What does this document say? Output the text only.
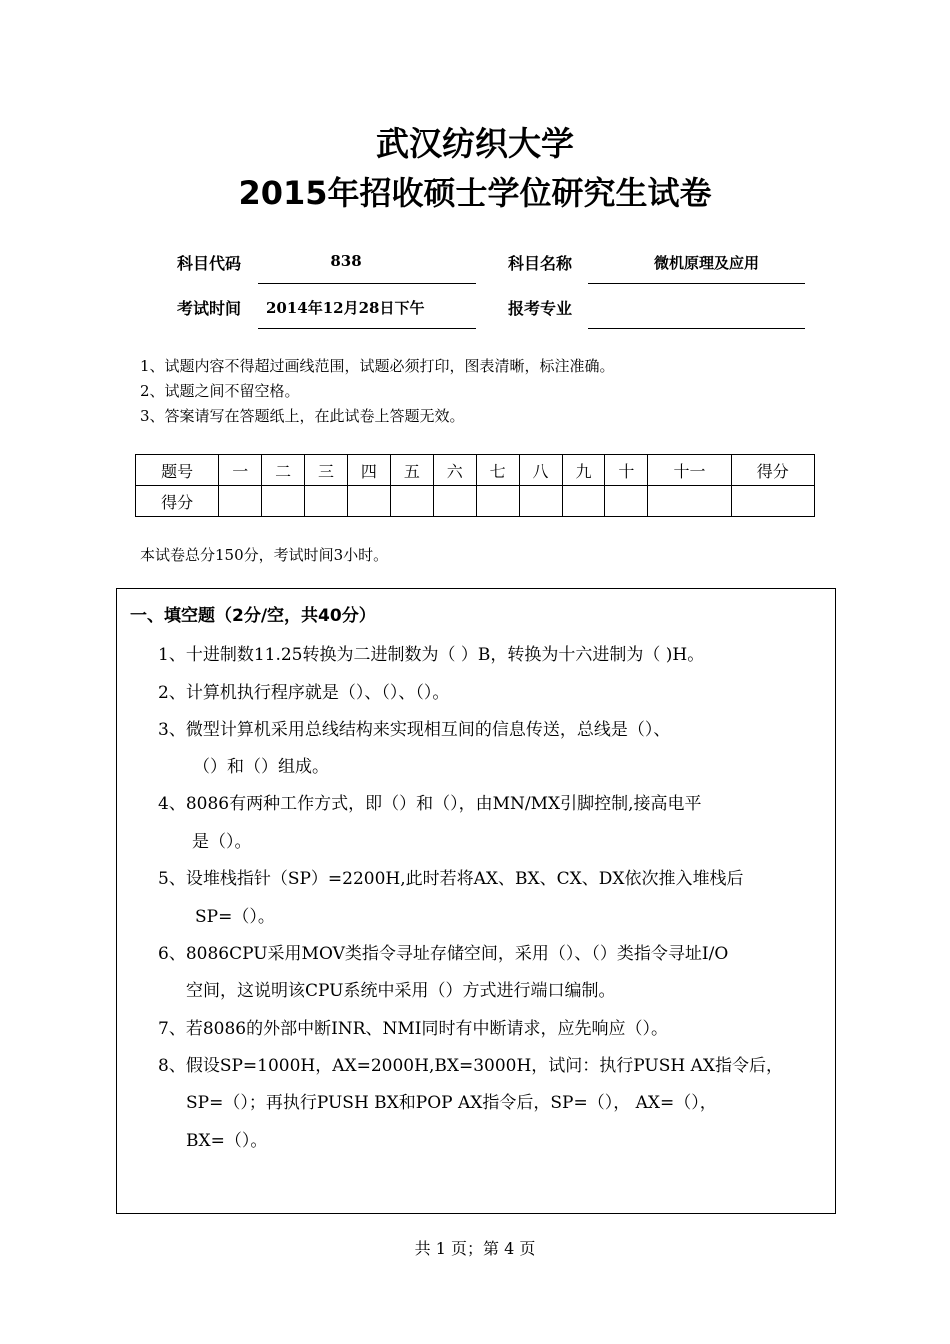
武汉纺织大学
2015年招收硕士学位研究生试卷
科目代码	838	科目名称	微机原理及应用
考试时间 2014年12月28日下午	报考专业
1、试题内容不得超过画线范围，试题必须打印，图表清晰，标注准确。
2、试题之间不留空格。
3、答案请写在答题纸上，在此试卷上答题无效。
题号	一	二	三	四	五	六	七	八	九	十	十一	得分
得分												
本试卷总分150分，考试时间3小时。
一、填空题（2分/空，共40分）
1、十进制数11.25转换为二进制数为（ ）B，转换为十六进制为（ )H。
2、计算机执行程序就是（）、（）、（）。
3、微型计算机采用总线结构来实现相互间的信息传送，总线是（）、
（）和（）组成。
4、8086有两种工作方式，即（）和（），由MN/MX引脚控制,接高电平
是（）。
5、设堆栈指针（SP）=2200H,此时若将AX、BX、CX、DX依次推入堆栈后
SP=（）。
6、8086CPU采用MOV类指令寻址存储空间，采用（）、（）类指令寻址I/O
空间，这说明该CPU系统中采用（）方式进行端口编制。
7、若8086的外部中断INR、NMI同时有中断请求，应先响应（）。
8、假设SP=1000H，AX=2000H,BX=3000H，试问：执行PUSH AX指令后，
SP=（）；再执行PUSH BX和POP AX指令后，SP=（）， AX=（），
BX=（）。
共 1 页；第 4 页
